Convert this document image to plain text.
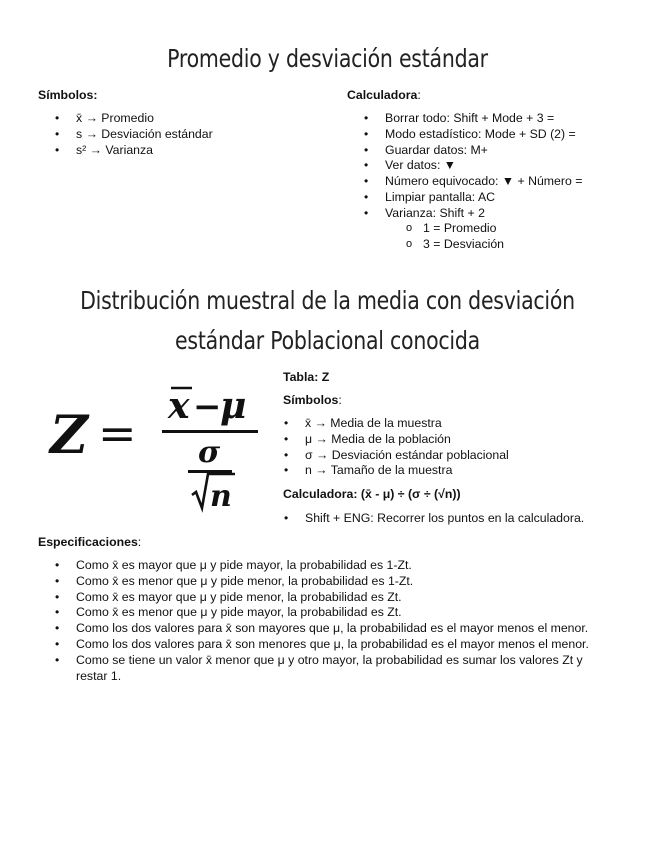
Promedio y desviación estándar
Símbolos:
• x̄ → Promedio
• s → Desviación estándar
• s² → Varianza
Calculadora:
• Borrar todo: Shift + Mode + 3 =
• Modo estadístico: Mode + SD (2) =
• Guardar datos: M+
• Ver datos: ▼
• Número equivocado: ▼ + Número =
• Limpiar pantalla: AC
• Varianza: Shift + 2
o 1 = Promedio
o 3 = Desviación
Distribución muestral de la media con desviación
estándar Poblacional conocida
Z = x −
μ
σ
n
Tabla: Z
Símbolos:
• x̄ → Media de la muestra
• μ → Media de la población
• σ → Desviación estándar poblacional
• n → Tamaño de la muestra
Calculadora: (x̄ - μ) ÷ (σ ÷ (√n))
• Shift + ENG: Recorrer los puntos en la calculadora.
Especificaciones:
• Como x̄ es mayor que μ y pide mayor, la probabilidad es 1-Zt.
• Como x̄ es menor que μ y pide menor, la probabilidad es 1-Zt.
• Como x̄ es mayor que μ y pide menor, la probabilidad es Zt.
• Como x̄ es menor que μ y pide mayor, la probabilidad es Zt.
• Como los dos valores para x̄ son mayores que μ, la probabilidad es el mayor menos el menor.
• Como los dos valores para x̄ son menores que μ, la probabilidad es el mayor menos el menor.
• Como se tiene un valor x̄ menor que μ y otro mayor, la probabilidad es sumar los valores Zt y
restar 1.
